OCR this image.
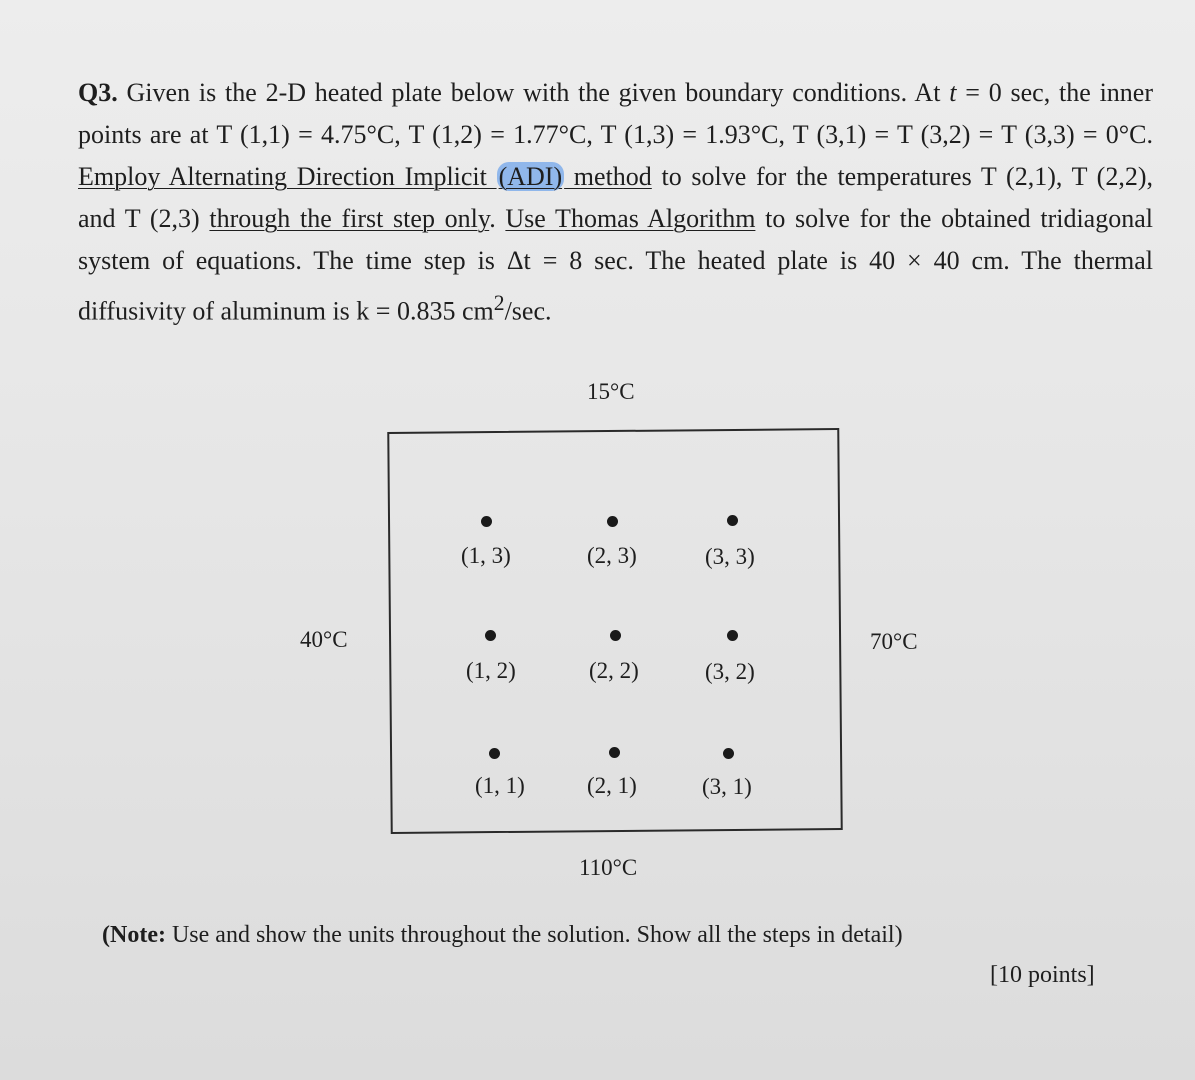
Q3. Given is the 2-D heated plate below with the given boundary conditions. At t = 0 sec, the inner
points are at T (1,1) = 4.75°C, T (1,2) = 1.77°C, T (1,3) = 1.93°C, T (3,1) = T (3,2) = T (3,3) = 0°C.
Employ Alternating Direction Implicit (ADI) method to solve for the temperatures T (2,1), T (2,2),
and T (2,3) through the first step only. Use Thomas Algorithm to solve for the obtained tridiagonal
system of equations. The time step is Δt = 8 sec. The heated plate is 40 × 40 cm. The thermal
diffusivity of aluminum is k = 0.835 $cm^2/\sec$.
15°C
40°C	70°C
110°C
(1, 3)	(2, 3)	(3, 3)
(1, 2)	(2, 2)	(3, 2)
(1, 1)	(2, 1)	(3, 1)
(Note: Use and show the units throughout the solution. Show all the steps in detail)
[10 points]
